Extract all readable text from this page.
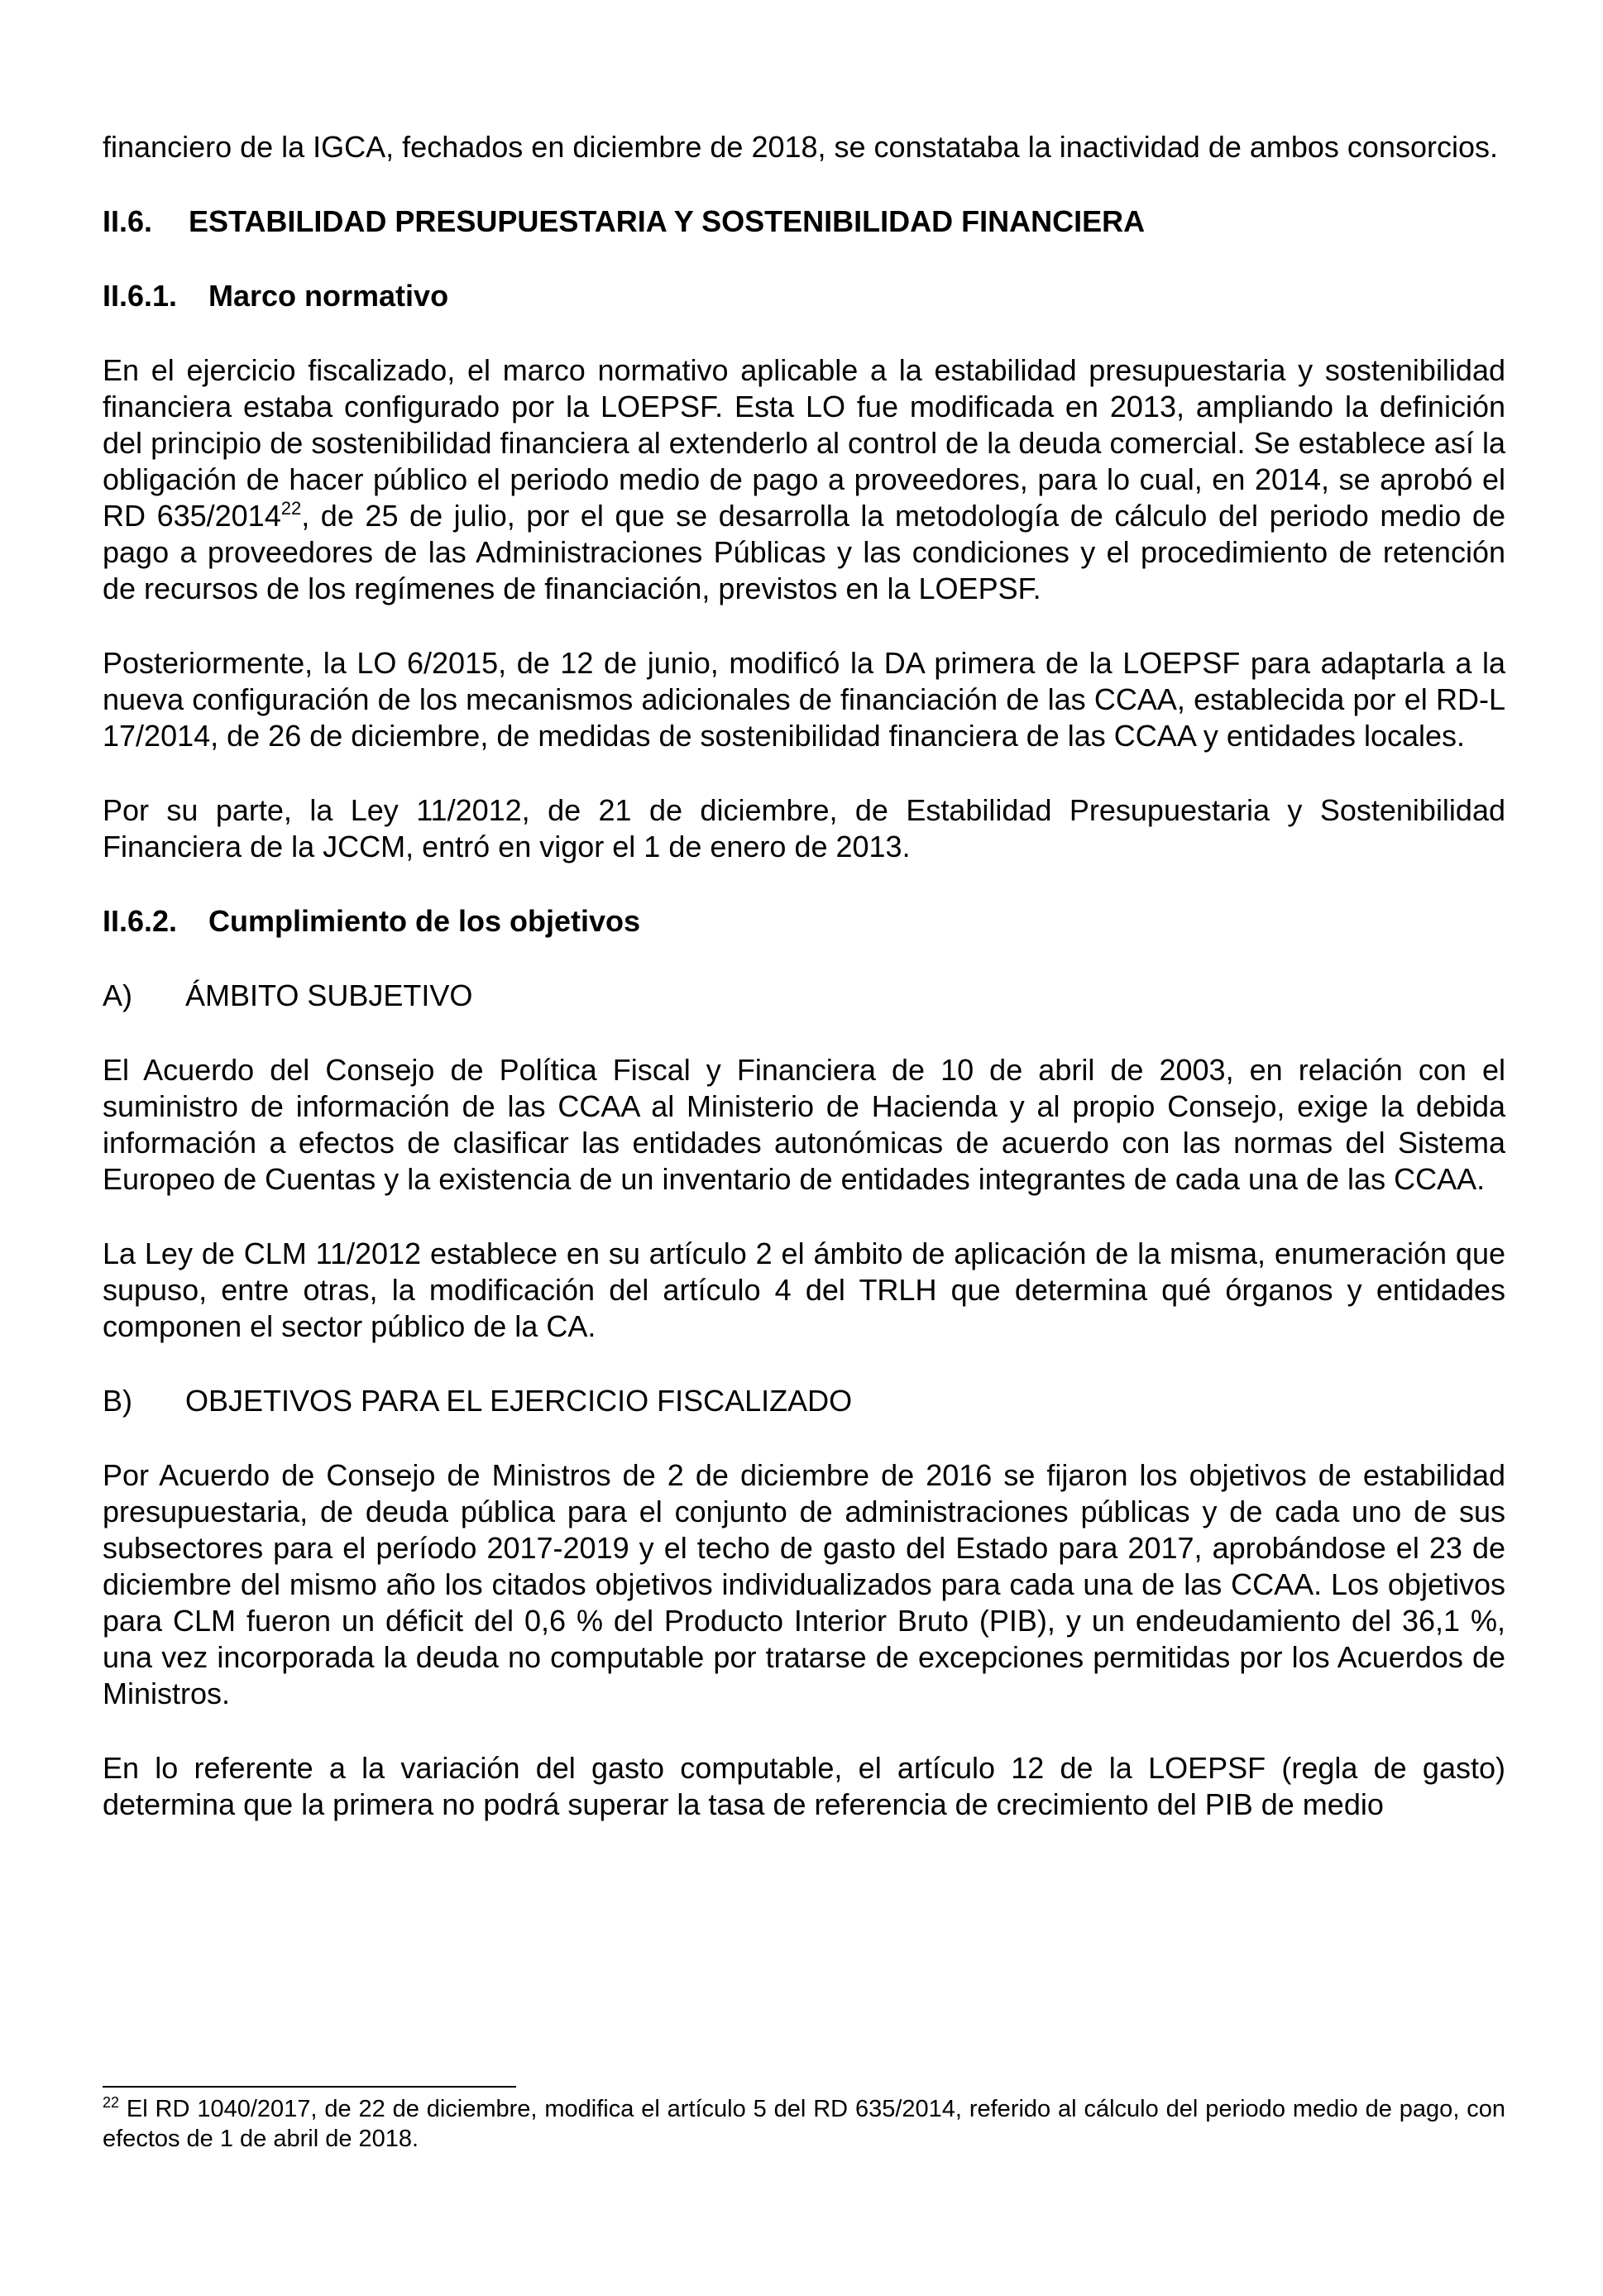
financiero de la IGCA, fechados en diciembre de 2018, se constataba la inactividad de ambos consorcios.

II.6.	ESTABILIDAD PRESUPUESTARIA Y SOSTENIBILIDAD FINANCIERA
II.6.1.	Marco normativo

En el ejercicio fiscalizado, el marco normativo aplicable a la estabilidad presupuestaria y sostenibilidad financiera estaba configurado por la LOEPSF. Esta LO fue modificada en 2013, ampliando la definición del principio de sostenibilidad financiera al extenderlo al control de la deuda comercial. Se establece así la obligación de hacer público el periodo medio de pago a proveedores, para lo cual, en 2014, se aprobó el RD 635/2014$^{22}$, de 25 de julio, por el que se desarrolla la metodología de cálculo del periodo medio de pago a proveedores de las Administraciones Públicas y las condiciones y el procedimiento de retención de recursos de los regímenes de financiación, previstos en la LOEPSF.

Posteriormente, la LO 6/2015, de 12 de junio, modificó la DA primera de la LOEPSF para adaptarla a la nueva configuración de los mecanismos adicionales de financiación de las CCAA, establecida por el RD-L 17/2014, de 26 de diciembre, de medidas de sostenibilidad financiera de las CCAA y entidades locales.

Por su parte, la Ley 11/2012, de 21 de diciembre, de Estabilidad Presupuestaria y Sostenibilidad Financiera de la JCCM, entró en vigor el 1 de enero de 2013.

II.6.2.	Cumplimiento de los objetivos
A)	ÁMBITO SUBJETIVO

El Acuerdo del Consejo de Política Fiscal y Financiera de 10 de abril de 2003, en relación con el suministro de información de las CCAA al Ministerio de Hacienda y al propio Consejo, exige la debida información a efectos de clasificar las entidades autonómicas de acuerdo con las normas del Sistema Europeo de Cuentas y la existencia de un inventario de entidades integrantes de cada una de las CCAA.

La Ley de CLM 11/2012 establece en su artículo 2 el ámbito de aplicación de la misma, enumeración que supuso, entre otras, la modificación del artículo 4 del TRLH que determina qué órganos y entidades componen el sector público de la CA.

B)	OBJETIVOS PARA EL EJERCICIO FISCALIZADO

Por Acuerdo de Consejo de Ministros de 2 de diciembre de 2016 se fijaron los objetivos de estabilidad presupuestaria, de deuda pública para el conjunto de administraciones públicas y de cada uno de sus subsectores para el período 2017-2019 y el techo de gasto del Estado para 2017, aprobándose el 23 de diciembre del mismo año los citados objetivos individualizados para cada una de las CCAA. Los objetivos para CLM fueron un déficit del 0,6 % del Producto Interior Bruto (PIB), y un endeudamiento del 36,1 %, una vez incorporada la deuda no computable por tratarse de excepciones permitidas por los Acuerdos de Ministros.

En lo referente a la variación del gasto computable, el artículo 12 de la LOEPSF (regla de gasto) determina que la primera no podrá superar la tasa de referencia de crecimiento del PIB de medio

$^{22}$ El RD 1040/2017, de 22 de diciembre, modifica el artículo 5 del RD 635/2014, referido al cálculo del periodo medio de pago, con efectos de 1 de abril de 2018.
